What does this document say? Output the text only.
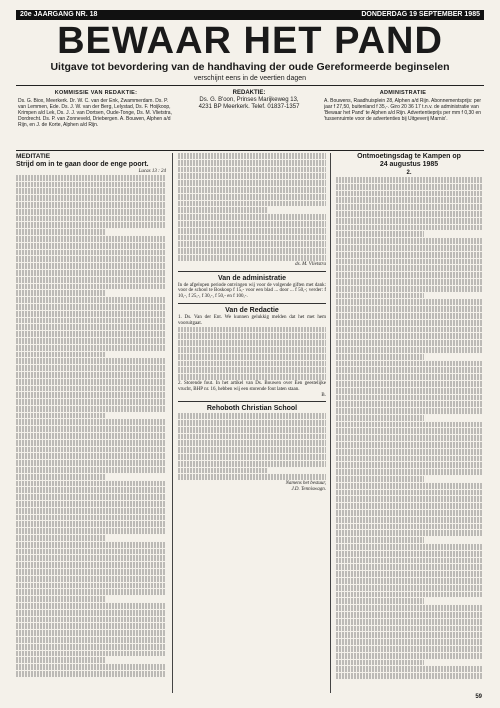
20e JAARGANG NR. 18	DONDERDAG 19 SEPTEMBER 1985
BEWAAR HET PAND
Uitgave tot bevordering van de handhaving der oude Gereformeerde beginselen
verschijnt eens in de veertien dagen
KOMMISSIE VAN REDAKTIE:
Ds. G. Biox, Meerkerk. Dr. W. C. van der Enk, Zwammerdam. Ds. P. van Lemmen, Ede. Ds. J. W. van der Berg, Lelystad, Ds. F. Hoijkoop, Krimpen a/d Lek, Ds. J. J. van Dortsen, Oude-Tonge, Ds. M. Vlietstra, Dordrecht. Ds. P. van Zonneveld, Driebergen. A. Bouwen, Alphen a/d Rijn, en J. de Korte, Alphen a/d Rijn.
REDAKTIE:
Ds. G. B'oon, Prinses Marijkeweg 13,
4231 BP Meerkerk. Telef. 01837-1357
ADMINISTRATIE
A. Bouwens, Raadhuisplein 28, Alphen a/d Rijn. Abonnementsprijs: per jaar f 27,50, buitenland f 35,-. Giro 20 36 17 t.n.v. de administratie van 'Bewaar het Pand' te Alphen a/d Rijn. Advertentieprijs per mm f 0,30 en 'tussenruimte voor de advertenties bij Uitgeverij Marnix'.
MEDITATIE
Strijd om in te gaan door de enge poort.
Lucas 13 : 24
ds. M. Vlietstra
Van de administratie
In de afgelopen periode ontvingen wij voor de volgende giften met dank: voor de school te Boskoop f 15,- voor een blad ... door ... f 50,-; verder: f 10,-, f 25,-, f 30,-, f 50,- en f 100,-.
Van de Redactie
1. Ds. Van der Ent. We kunnen gelukkig melden dat het met hem vooruitgaat.
2. Storende fout. In het artikel van Ds. Bouwen over Een geestelijke vrucht, BHP nr. 16, hebben wij een storende fout laten staan.
B.
Rehoboth Christian School
Namens het bestuur,
J.D. Tenniswagn.
Ontmoetingsdag te Kampen op
24 augustus 1985
2.
59
